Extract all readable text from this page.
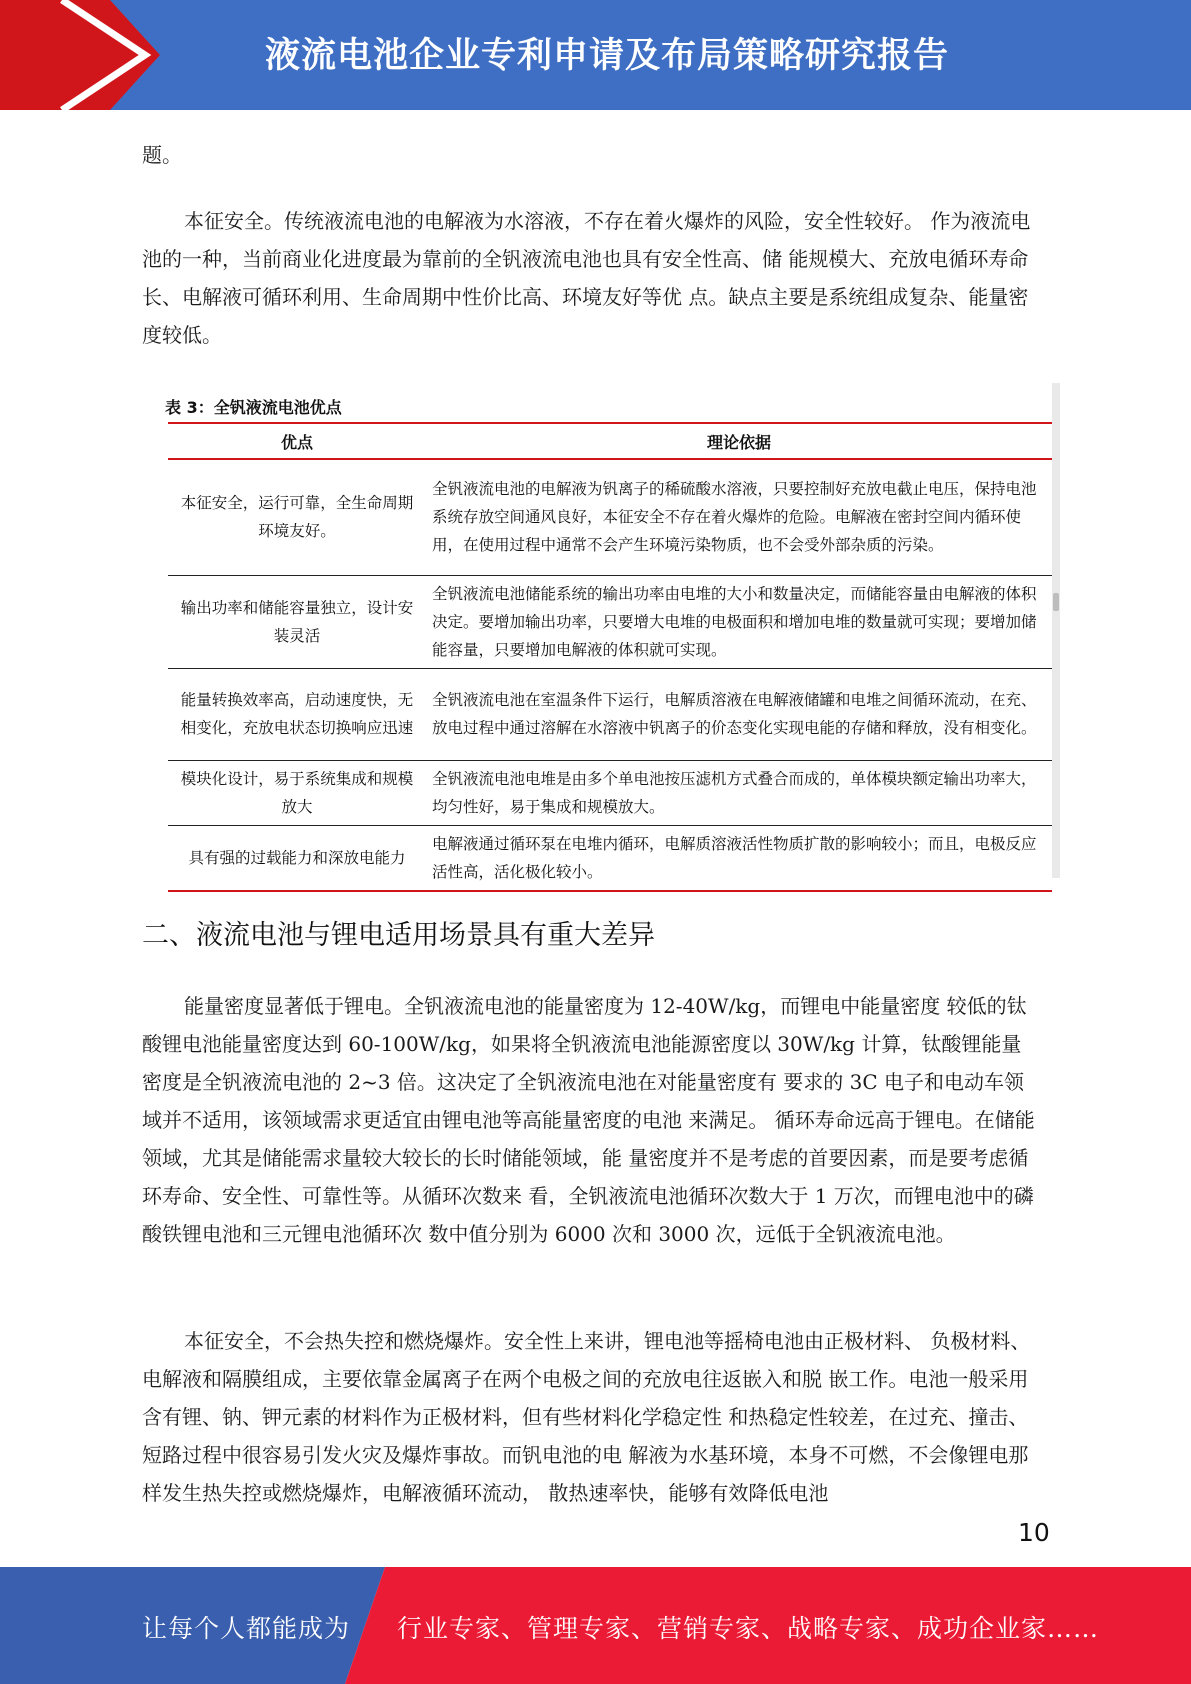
液流电池企业专利申请及布局策略研究报告
题。
本征安全。传统液流电池的电解液为水溶液，不存在着火爆炸的风险，安全性较好。 作为液流电池的一种，当前商业化进度最为靠前的全钒液流电池也具有安全性高、储 能规模大、充放电循环寿命长、电解液可循环利用、生命周期中性价比高、环境友好等优 点。缺点主要是系统组成复杂、能量密度较低。
表 3：全钒液流电池优点
优点	理论依据
本征安全，运行可靠，全生命周期环境友好。	全钒液流电池的电解液为钒离子的稀硫酸水溶液，只要控制好充放电截止电压，保持电池系统存放空间通风良好，本征安全不存在着火爆炸的危险。电解液在密封空间内循环使用，在使用过程中通常不会产生环境污染物质，也不会受外部杂质的污染。
输出功率和储能容量独立，设计安装灵活	全钒液流电池储能系统的输出功率由电堆的大小和数量决定，而储能容量由电解液的体积决定。要增加输出功率，只要增大电堆的电极面积和增加电堆的数量就可实现；要增加储能容量，只要增加电解液的体积就可实现。
能量转换效率高，启动速度快，无相变化，充放电状态切换响应迅速	全钒液流电池在室温条件下运行，电解质溶液在电解液储罐和电堆之间循环流动，在充、放电过程中通过溶解在水溶液中钒离子的价态变化实现电能的存储和释放，没有相变化。
模块化设计，易于系统集成和规模放大	全钒液流电池电堆是由多个单电池按压滤机方式叠合而成的，单体模块额定输出功率大，均匀性好，易于集成和规模放大。
具有强的过载能力和深放电能力	电解液通过循环泵在电堆内循环，电解质溶液活性物质扩散的影响较小；而且，电极反应活性高，活化极化较小。
二、液流电池与锂电适用场景具有重大差异
能量密度显著低于锂电。全钒液流电池的能量密度为 12-40W/kg，而锂电中能量密度 较低的钛酸锂电池能量密度达到 60-100W/kg，如果将全钒液流电池能源密度以 30W/kg 计算，钛酸锂能量密度是全钒液流电池的 2~3 倍。这决定了全钒液流电池在对能量密度有 要求的 3C 电子和电动车领域并不适用，该领域需求更适宜由锂电池等高能量密度的电池 来满足。 循环寿命远高于锂电。在储能领域，尤其是储能需求量较大较长的长时储能领域，能 量密度并不是考虑的首要因素，而是要考虑循环寿命、安全性、可靠性等。从循环次数来 看，全钒液流电池循环次数大于 1 万次，而锂电池中的磷酸铁锂电池和三元锂电池循环次 数中值分别为 6000 次和 3000 次，远低于全钒液流电池。
本征安全，不会热失控和燃烧爆炸。安全性上来讲，锂电池等摇椅电池由正极材料、 负极材料、电解液和隔膜组成，主要依靠金属离子在两个电极之间的充放电往返嵌入和脱 嵌工作。电池一般采用含有锂、钠、钾元素的材料作为正极材料，但有些材料化学稳定性 和热稳定性较差，在过充、撞击、短路过程中很容易引发火灾及爆炸事故。而钒电池的电 解液为水基环境，本身不可燃，不会像锂电那样发生热失控或燃烧爆炸，电解液循环流动， 散热速率快，能够有效降低电池
10
让每个人都能成为 行业专家、管理专家、营销专家、战略专家、成功企业家……
